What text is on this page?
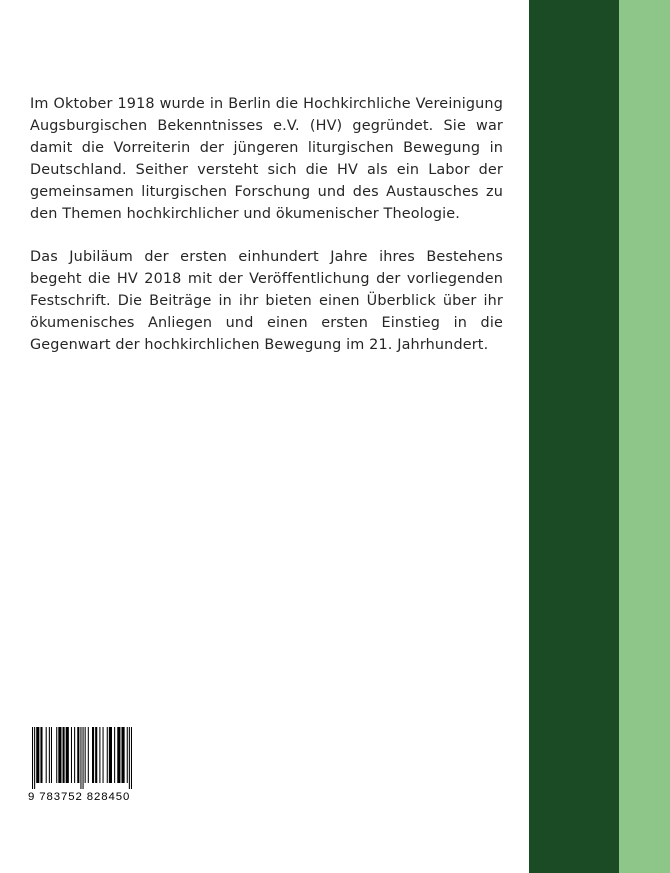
Im Oktober 1918 wurde in Berlin die Hochkirchliche Vereinigung Augsburgischen Bekenntnisses e.V. (HV) gegründet. Sie war damit die Vorreiterin der jüngeren liturgischen Bewegung in Deutschland. Seither versteht sich die HV als ein Labor der gemeinsamen liturgischen Forschung und des Austausches zu den Themen hochkirchlicher und ökumenischer Theologie.

Das Jubiläum der ersten einhundert Jahre ihres Bestehens begeht die HV 2018 mit der Veröffentlichung der vorliegenden Festschrift. Die Beiträge in ihr bieten einen Überblick über ihr ökumenisches Anliegen und einen ersten Einstieg in die Gegenwart der hochkirchlichen Bewegung im 21. Jahrhundert.

9 783752 828450
